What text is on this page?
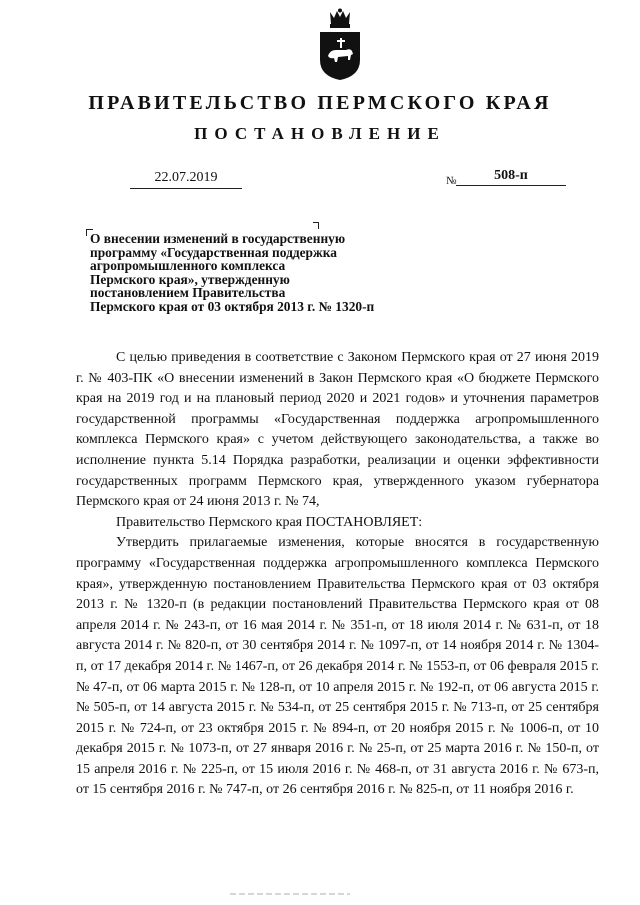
ПРАВИТЕЛЬСТВО ПЕРМСКОГО КРАЯ
ПОСТАНОВЛЕНИЕ
22.07.2019	№	508-п
О внесении изменений в государственную
программу «Государственная поддержка
агропромышленного комплекса
Пермского края», утвержденную
постановлением Правительства
Пермского края от 03 октября 2013 г. № 1320-п

С целью приведения в соответствие с Законом Пермского края от 27 июня 2019 г. № 403-ПК «О внесении изменений в Закон Пермского края «О бюджете Пермского края на 2019 год и на плановый период 2020 и 2021 годов» и уточнения параметров государственной программы «Государственная поддержка агропромышленного комплекса Пермского края» с учетом действующего законодательства, а также во исполнение пункта 5.14 Порядка разработки, реализации и оценки эффективности государственных программ Пермского края, утвержденного указом губернатора Пермского края от 24 июня 2013 г. № 74,

Правительство Пермского края ПОСТАНОВЛЯЕТ:

Утвердить прилагаемые изменения, которые вносятся в государственную программу «Государственная поддержка агропромышленного комплекса Пермского края», утвержденную постановлением Правительства Пермского края от 03 октября 2013 г. № 1320-п (в редакции постановлений Правительства Пермского края от 08 апреля 2014 г. № 243-п, от 16 мая 2014 г. № 351-п, от 18 июля 2014 г. № 631-п, от 18 августа 2014 г. № 820-п, от 30 сентября 2014 г. № 1097-п, от 14 ноября 2014 г. № 1304-п, от 17 декабря 2014 г. № 1467-п, от 26 декабря 2014 г. № 1553-п, от 06 февраля 2015 г. № 47-п, от 06 марта 2015 г. № 128-п, от 10 апреля 2015 г. № 192-п, от 06 августа 2015 г. № 505-п, от 14 августа 2015 г. № 534-п, от 25 сентября 2015 г. № 713-п, от 25 сентября 2015 г. № 724-п, от 23 октября 2015 г. № 894-п, от 20 ноября 2015 г. № 1006-п, от 10 декабря 2015 г. № 1073-п, от 27 января 2016 г. № 25-п, от 25 марта 2016 г. № 150-п, от 15 апреля 2016 г. № 225-п, от 15 июля 2016 г. № 468-п, от 31 августа 2016 г. № 673-п, от 15 сентября 2016 г. № 747-п, от 26 сентября 2016 г. № 825-п, от 11 ноября 2016 г.
